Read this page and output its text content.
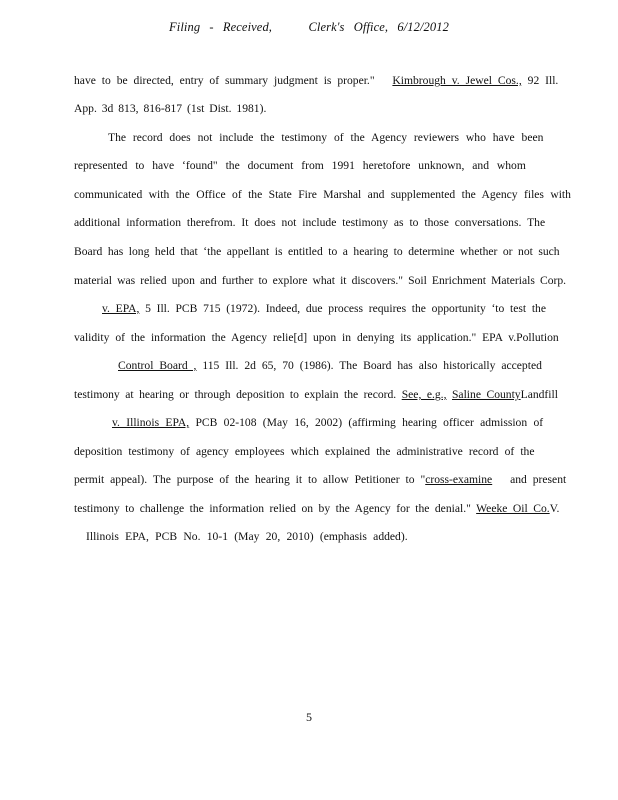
Filing - Received,	Clerk's Office, 6/12/2012
have to be directed, entry of summary judgment is proper." Kimbrough v. Jewel Cos., 92 Ill.
App. 3d 813, 816-817 (1st Dist. 1981).
The record does not include the testimony of the Agency reviewers who have been
represented to have ‘found" the document from 1991 heretofore unknown, and whom
communicated with the Office of the State Fire Marshal and supplemented the Agency files with
additional information therefrom. It does not include testimony as to those conversations. The
Board has long held that ‘the appellant is entitled to a hearing to determine whether or not such
material was relied upon and further to explore what it discovers." Soil Enrichment Materials Corp.
v. EPA, 5 Ill. PCB 715 (1972). Indeed, due process requires the opportunity ‘to test the
validity of the information the Agency relie[d] upon in denying its application." EPA v.Pollution
Control Board , 115 Ill. 2d 65, 70 (1986). The Board has also historically accepted
testimony at hearing or through deposition to explain the record. See, e.g., Saline CountyLandfill
v. Illinois EPA, PCB 02-108 (May 16, 2002) (affirming hearing officer admission of
deposition testimony of agency employees which explained the administrative record of the
permit appeal). The purpose of the hearing it to allow Petitioner to "cross-examine and present
testimony to challenge the information relied on by the Agency for the denial." Weeke Oil Co.V.
Illinois EPA, PCB No. 10-1 (May 20, 2010) (emphasis added).
5
